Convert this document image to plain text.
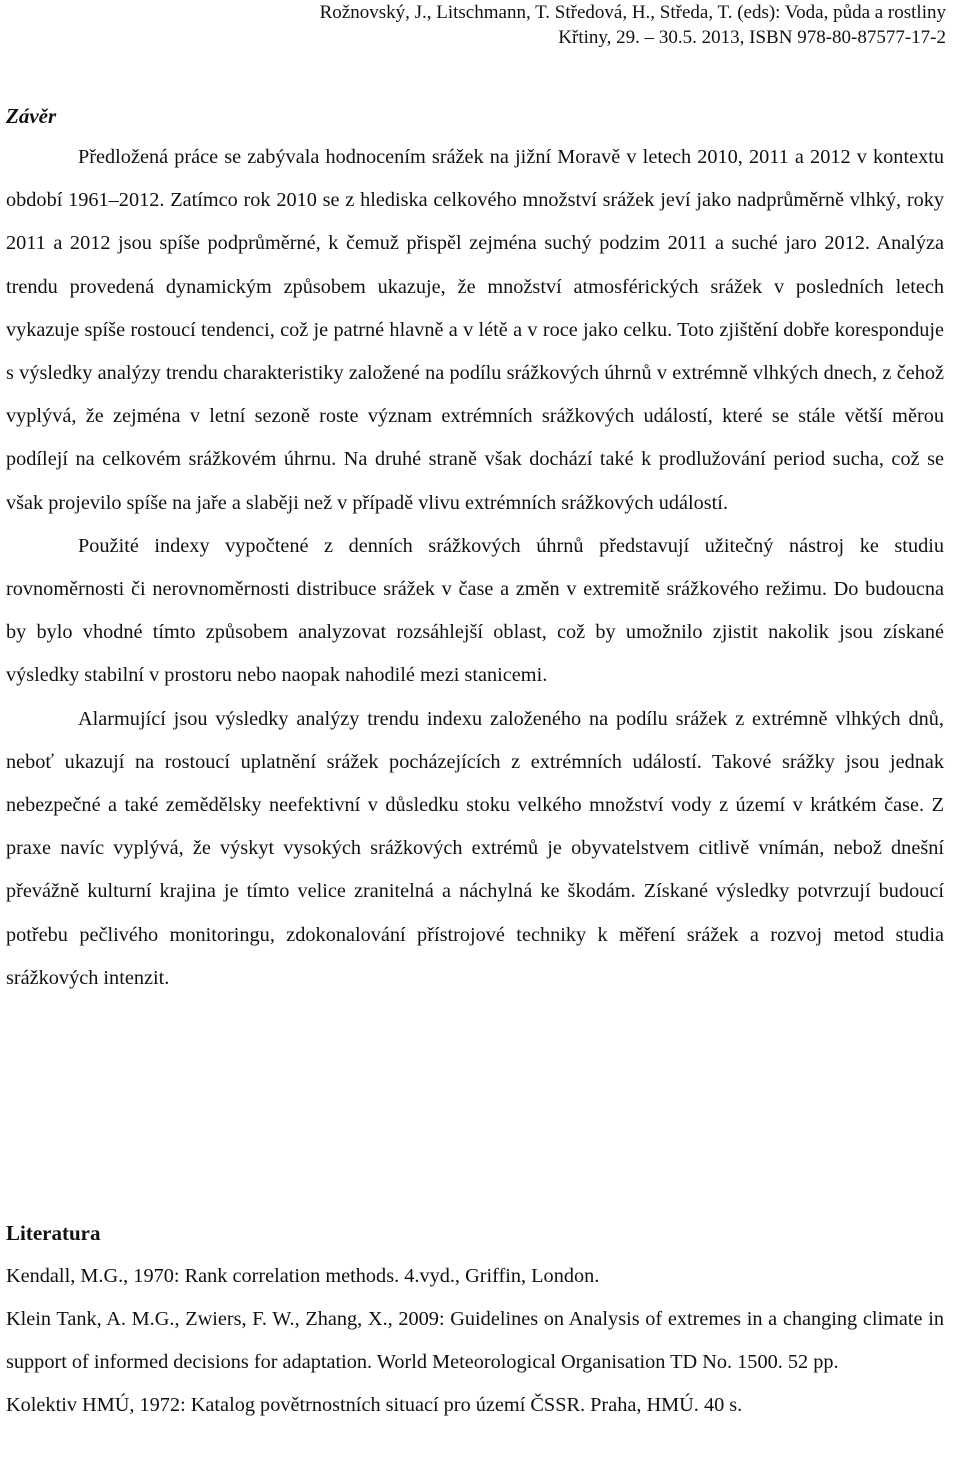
Rožnovský, J., Litschmann, T. Středová, H., Středa, T. (eds): Voda, půda a rostliny
Křtiny, 29. – 30.5. 2013, ISBN 978-80-87577-17-2
Závěr

Předložená práce se zabývala hodnocením srážek na jižní Moravě v letech 2010, 2011 a 2012 v kontextu období 1961–2012. Zatímco rok 2010 se z hlediska celkového množství srážek jeví jako nadprůměrně vlhký, roky 2011 a 2012 jsou spíše podprůměrné, k čemuž přispěl zejména suchý podzim 2011 a suché jaro 2012. Analýza trendu provedená dynamickým způsobem ukazuje, že množství atmosférických srážek v posledních letech vykazuje spíše rostoucí tendenci, což je patrné hlavně a v létě a v roce jako celku. Toto zjištění dobře koresponduje s výsledky analýzy trendu charakteristiky založené na podílu srážkových úhrnů v extrémně vlhkých dnech, z čehož vyplývá, že zejména v letní sezoně roste význam extrémních srážkových událostí, které se stále větší měrou podílejí na celkovém srážkovém úhrnu. Na druhé straně však dochází také k prodlužování period sucha, což se však projevilo spíše na jaře a slaběji než v případě vlivu extrémních srážkových událostí.

Použité indexy vypočtené z denních srážkových úhrnů představují užitečný nástroj ke studiu rovnoměrnosti či nerovnoměrnosti distribuce srážek v čase a změn v extremitě srážkového režimu. Do budoucna by bylo vhodné tímto způsobem analyzovat rozsáhlejší oblast, což by umožnilo zjistit nakolik jsou získané výsledky stabilní v prostoru nebo naopak nahodilé mezi stanicemi.

Alarmující jsou výsledky analýzy trendu indexu založeného na podílu srážek z extrémně vlhkých dnů, neboť ukazují na rostoucí uplatnění srážek pocházejících z extrémních událostí. Takové srážky jsou jednak nebezpečné a také zemědělsky neefektivní v důsledku stoku velkého množství vody z území v krátkém čase. Z praxe navíc vyplývá, že výskyt vysokých srážkových extrémů je obyvatelstvem citlivě vnímán, nebož dnešní převážně kulturní krajina je tímto velice zranitelná a náchylná ke škodám. Získané výsledky potvrzují budoucí potřebu pečlivého monitoringu, zdokonalování přístrojové techniky k měření srážek a rozvoj metod studia srážkových intenzit.

Literatura
Kendall, M.G., 1970: Rank correlation methods. 4.vyd., Griffin, London.
Klein Tank, A. M.G., Zwiers, F. W., Zhang, X., 2009: Guidelines on Analysis of extremes in a changing climate in support of informed decisions for adaptation. World Meteorological Organisation TD No. 1500. 52 pp.
Kolektiv HMÚ, 1972: Katalog povětrnostních situací pro území ČSSR. Praha, HMÚ. 40 s.
